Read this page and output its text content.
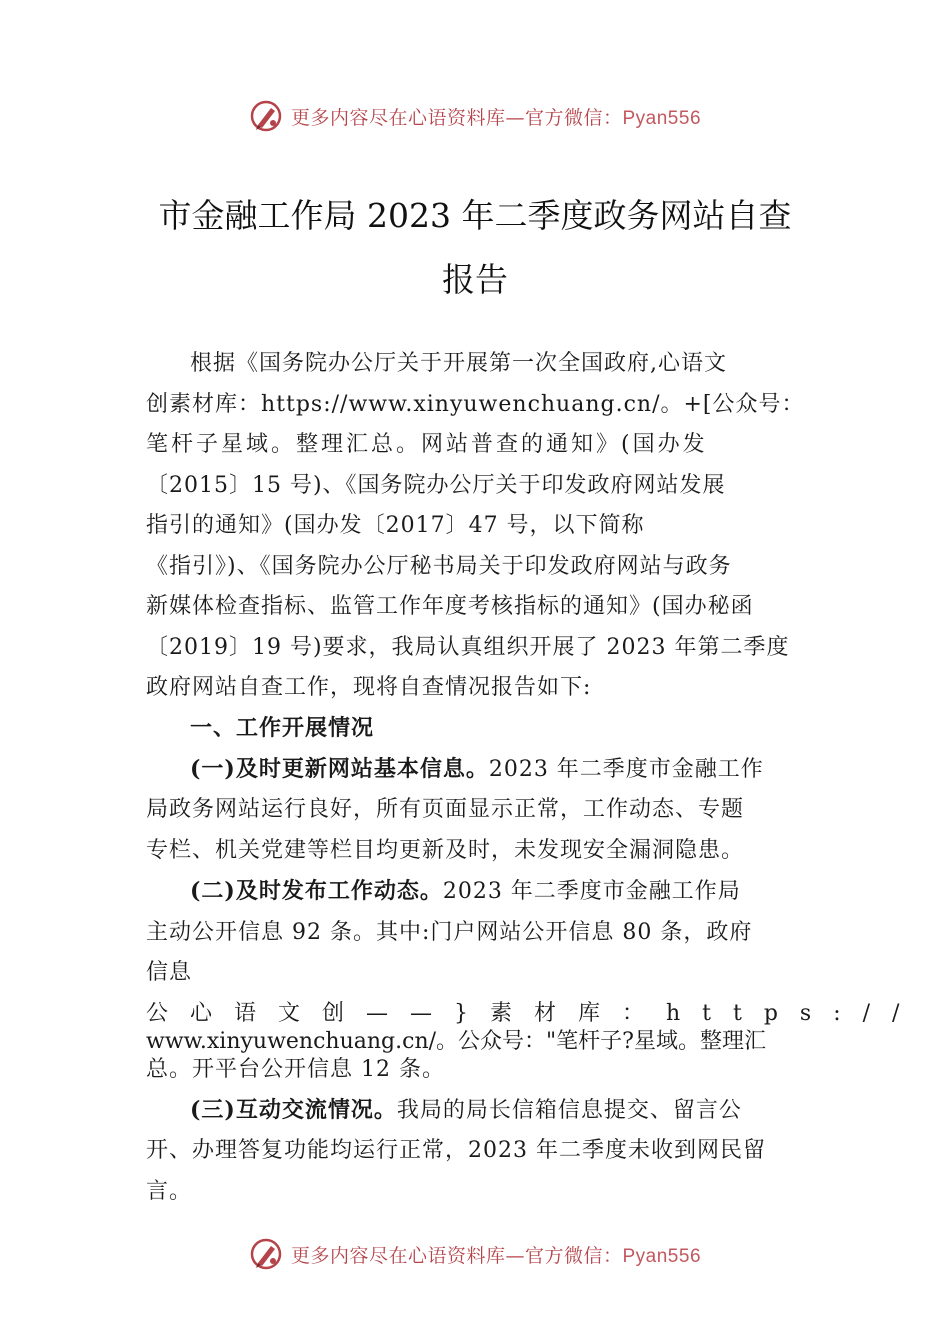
更多内容尽在心语资料库—官方微信：Pyan556
市金融工作局 2023 年二季度政务网站自查
报告

根据《国务院办公厅关于开展第一次全国政府,心语文
创素材库：https://www.xinyuwenchuang.cn/。+[公众号：
笔杆子星域。整理汇总。网站普查的通知》(国办发
〔2015〕15 号)、《国务院办公厅关于印发政府网站发展
指引的通知》(国办发〔2017〕47 号，以下简称
《指引》)、《国务院办公厅秘书局关于印发政府网站与政务
新媒体检查指标、监管工作年度考核指标的通知》(国办秘函
〔2019〕19 号)要求，我局认真组织开展了 2023 年第二季度
政府网站自查工作，现将自查情况报告如下:

一、工作开展情况

(一)及时更新网站基本信息。2023 年二季度市金融工作
局政务网站运行良好，所有页面显示正常，工作动态、专题
专栏、机关党建等栏目均更新及时，未发现安全漏洞隐患。

(二)及时发布工作动态。2023 年二季度市金融工作局
主动公开信息 92 条。其中:门户网站公开信息 80 条，政府
信息

公心语文创——}素材库：https://
www.xinyuwenchuang.cn/。公众号："笔杆子?星域。整理汇
总。开平台公开信息 12 条。

(三)互动交流情况。我局的局长信箱信息提交、留言公
开、办理答复功能均运行正常，2023 年二季度未收到网民留
言。

更多内容尽在心语资料库—官方微信：Pyan556
